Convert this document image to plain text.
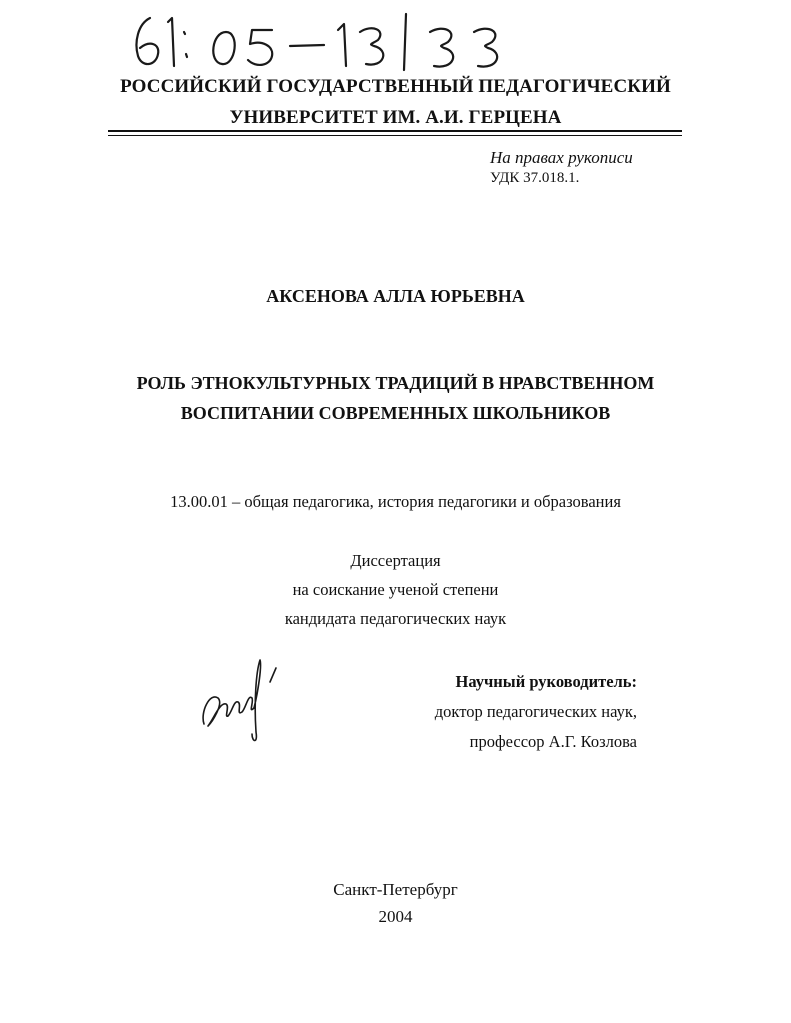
РОССИЙСКИЙ ГОСУДАРСТВЕННЫЙ ПЕДАГОГИЧЕСКИЙ
УНИВЕРСИТЕТ ИМ. А.И. ГЕРЦЕНА
На правах рукописи
УДК 37.018.1.
АКСЕНОВА АЛЛА ЮРЬЕВНА
РОЛЬ ЭТНОКУЛЬТУРНЫХ ТРАДИЦИЙ В НРАВСТВЕННОМ
ВОСПИТАНИИ СОВРЕМЕННЫХ ШКОЛЬНИКОВ
13.00.01 – общая педагогика, история педагогики и образования
Диссертация
на соискание ученой степени
кандидата педагогических наук
Научный руководитель:
доктор педагогических наук,
профессор А.Г. Козлова
Санкт-Петербург
2004
